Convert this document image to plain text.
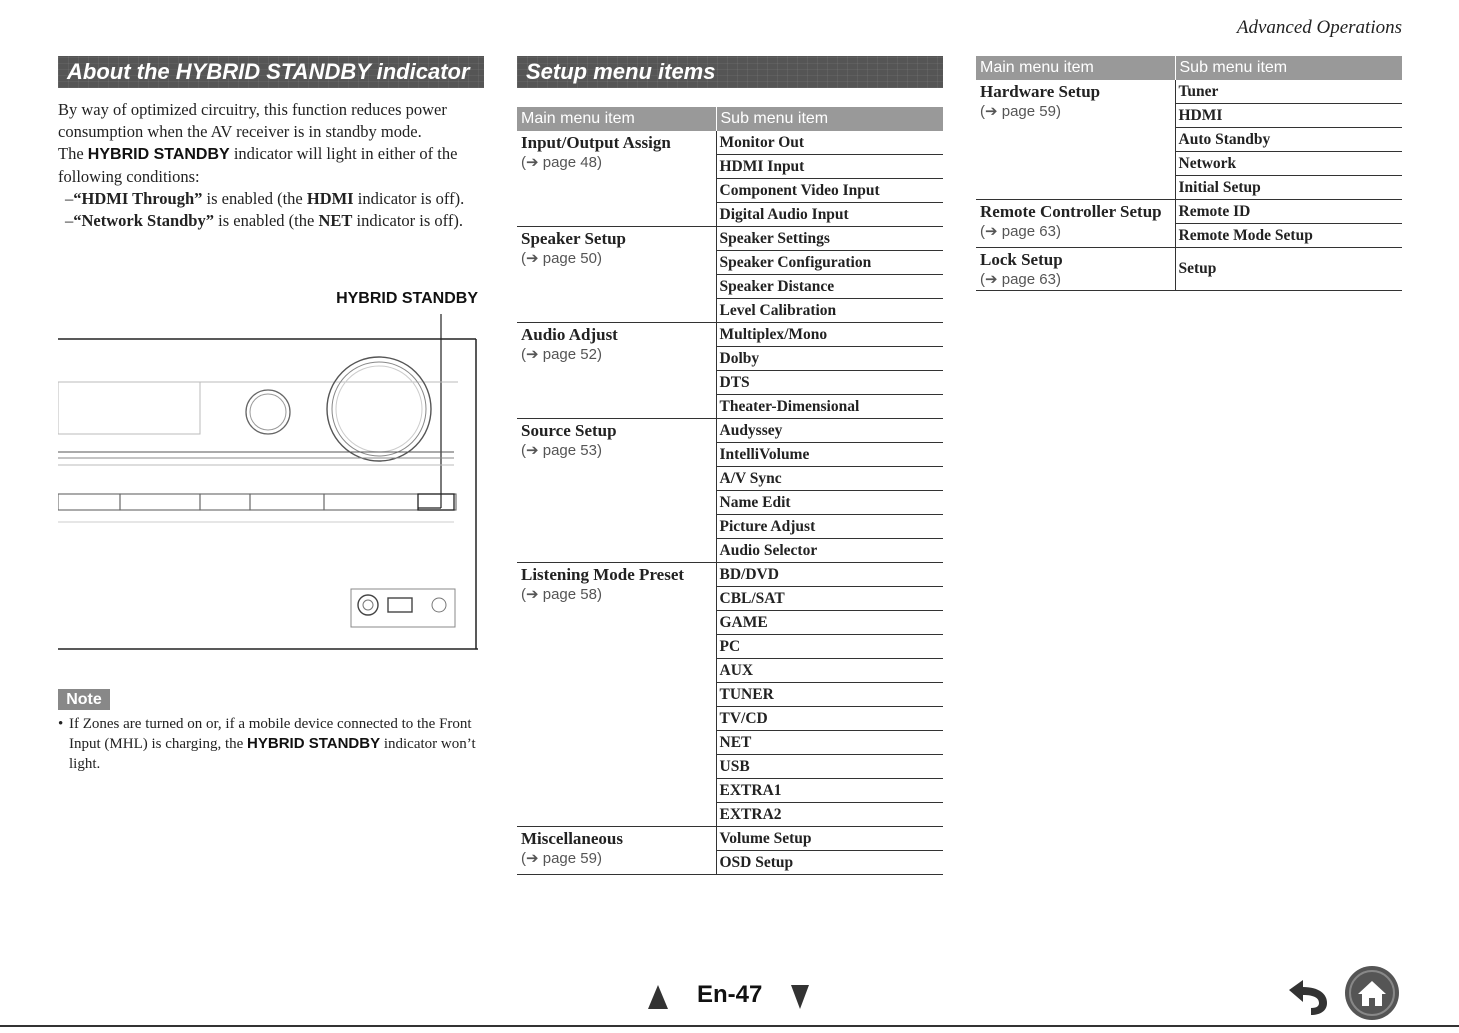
Advanced Operations
About the HYBRID STANDBY indicator

By way of optimized circuitry, this function reduces power consumption when the AV receiver is in standby mode.

The HYBRID STANDBY indicator will light in either of the following conditions:

–“HDMI Through” is enabled (the HDMI indicator is off).

–“Network Standby” is enabled (the NET indicator is off).

HYBRID STANDBY
Note
• If Zones are turned on or, if a mobile device connected to the Front Input (MHL) is charging, the HYBRID STANDBY indicator won’t light.
Setup menu items
Main menu item	Sub menu item

Input/Output Assign
(➔ page 48)	Monitor Out
	HDMI Input
	Component Video Input
	Digital Audio Input

Speaker Setup
(➔ page 50)	Speaker Settings
	Speaker Configuration
	Speaker Distance
	Level Calibration

Audio Adjust
(➔ page 52)	Multiplex/Mono
	Dolby
	DTS
	Theater-Dimensional

Source Setup
(➔ page 53)	Audyssey
	IntelliVolume
	A/V Sync
	Name Edit
	Picture Adjust
	Audio Selector

Listening Mode Preset
(➔ page 58)	BD/DVD
	CBL/SAT
	GAME
	PC
	AUX
	TUNER
	TV/CD
	NET
	USB
	EXTRA1
	EXTRA2

Miscellaneous
(➔ page 59)	Volume Setup
	OSD Setup
Main menu item	Sub menu item

Hardware Setup
(➔ page 59)	Tuner
	HDMI
	Auto Standby
	Network
	Initial Setup

Remote Controller Setup
(➔ page 63)	Remote ID
	Remote Mode Setup

Lock Setup
(➔ page 63)	Setup
En-47
